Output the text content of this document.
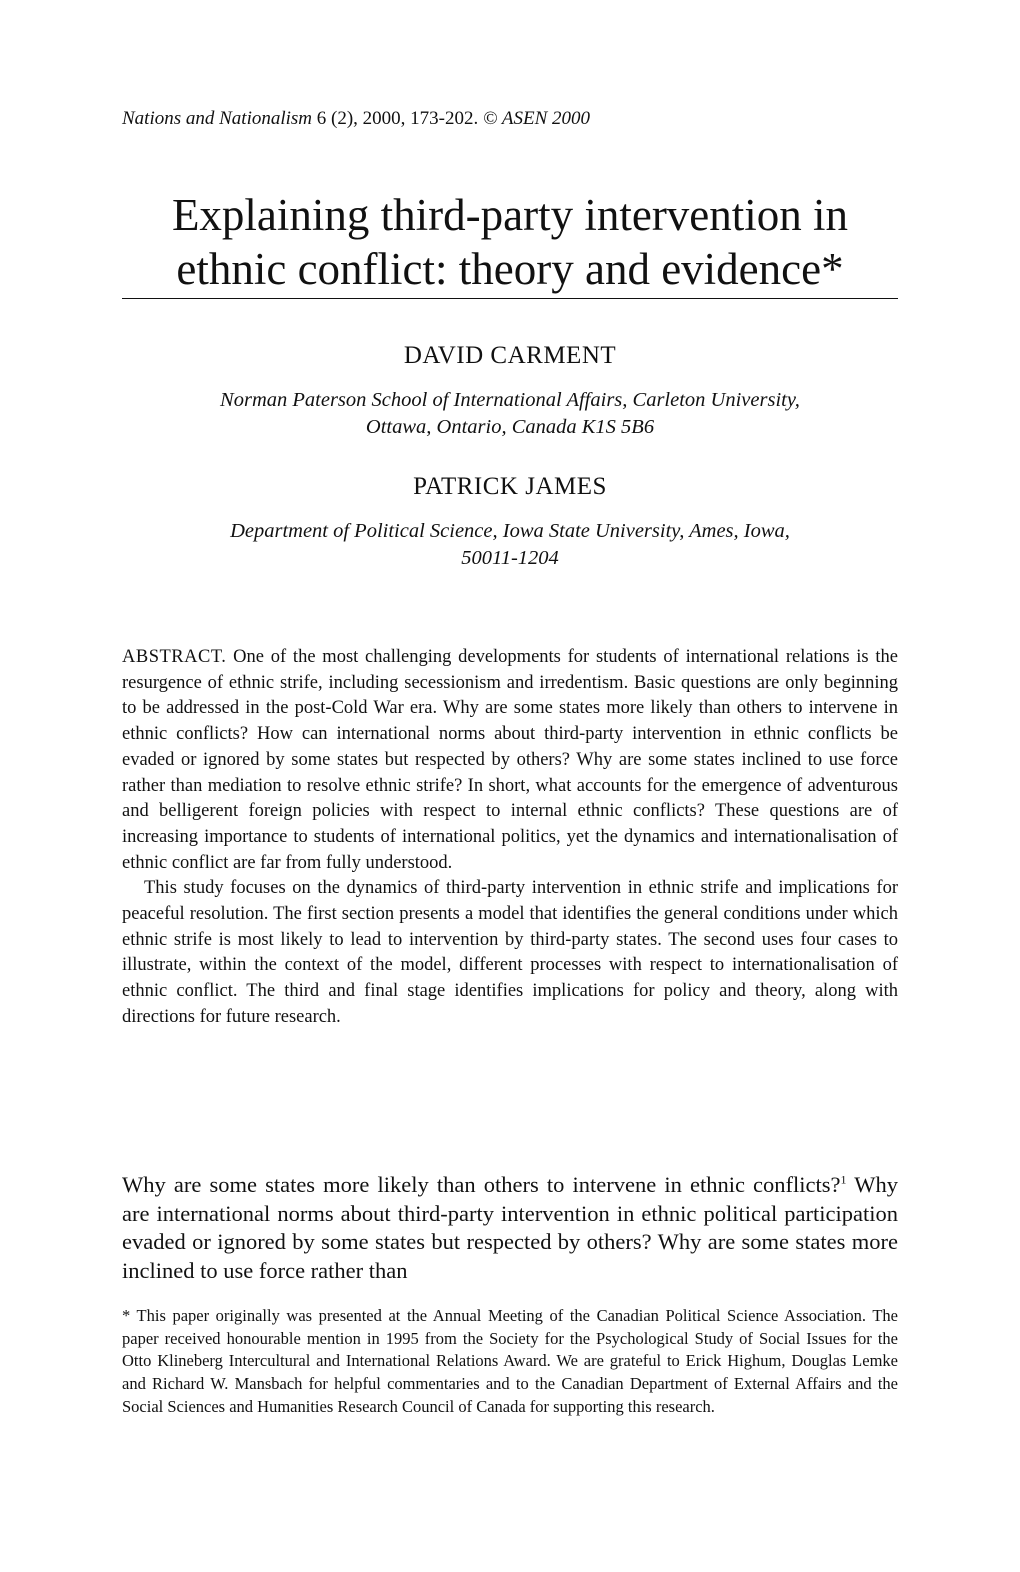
Nations and Nationalism 6 (2), 2000, 173-202. © ASEN 2000
Explaining third-party intervention in
ethnic conflict: theory and evidence*
DAVID CARMENT
Norman Paterson School of International Affairs, Carleton University,
Ottawa, Ontario, Canada K1S 5B6
PATRICK JAMES
Department of Political Science, Iowa State University, Ames, Iowa,
50011-1204

ABSTRACT. One of the most challenging developments for students of international relations is the resurgence of ethnic strife, including secessionism and irredentism. Basic questions are only beginning to be addressed in the post-Cold War era. Why are some states more likely than others to intervene in ethnic conflicts? How can international norms about third-party intervention in ethnic conflicts be evaded or ignored by some states but respected by others? Why are some states inclined to use force rather than mediation to resolve ethnic strife? In short, what accounts for the emergence of adventurous and belligerent foreign policies with respect to internal ethnic conflicts? These questions are of increasing importance to students of international politics, yet the dynamics and internationalisation of ethnic conflict are far from fully understood.

This study focuses on the dynamics of third-party intervention in ethnic strife and implications for peaceful resolution. The first section presents a model that identifies the general conditions under which ethnic strife is most likely to lead to intervention by third-party states. The second uses four cases to illustrate, within the context of the model, different processes with respect to internationalisation of ethnic conflict. The third and final stage identifies implications for policy and theory, along with directions for future research.

Why are some states more likely than others to intervene in ethnic conflicts?$^1$ Why are international norms about third-party intervention in ethnic political participation evaded or ignored by some states but respected by others? Why are some states more inclined to use force rather than

* This paper originally was presented at the Annual Meeting of the Canadian Political Science Association. The paper received honourable mention in 1995 from the Society for the Psychological Study of Social Issues for the Otto Klineberg Intercultural and International Relations Award. We are grateful to Erick Highum, Douglas Lemke and Richard W. Mansbach for helpful commentaries and to the Canadian Department of External Affairs and the Social Sciences and Humanities Research Council of Canada for supporting this research.
